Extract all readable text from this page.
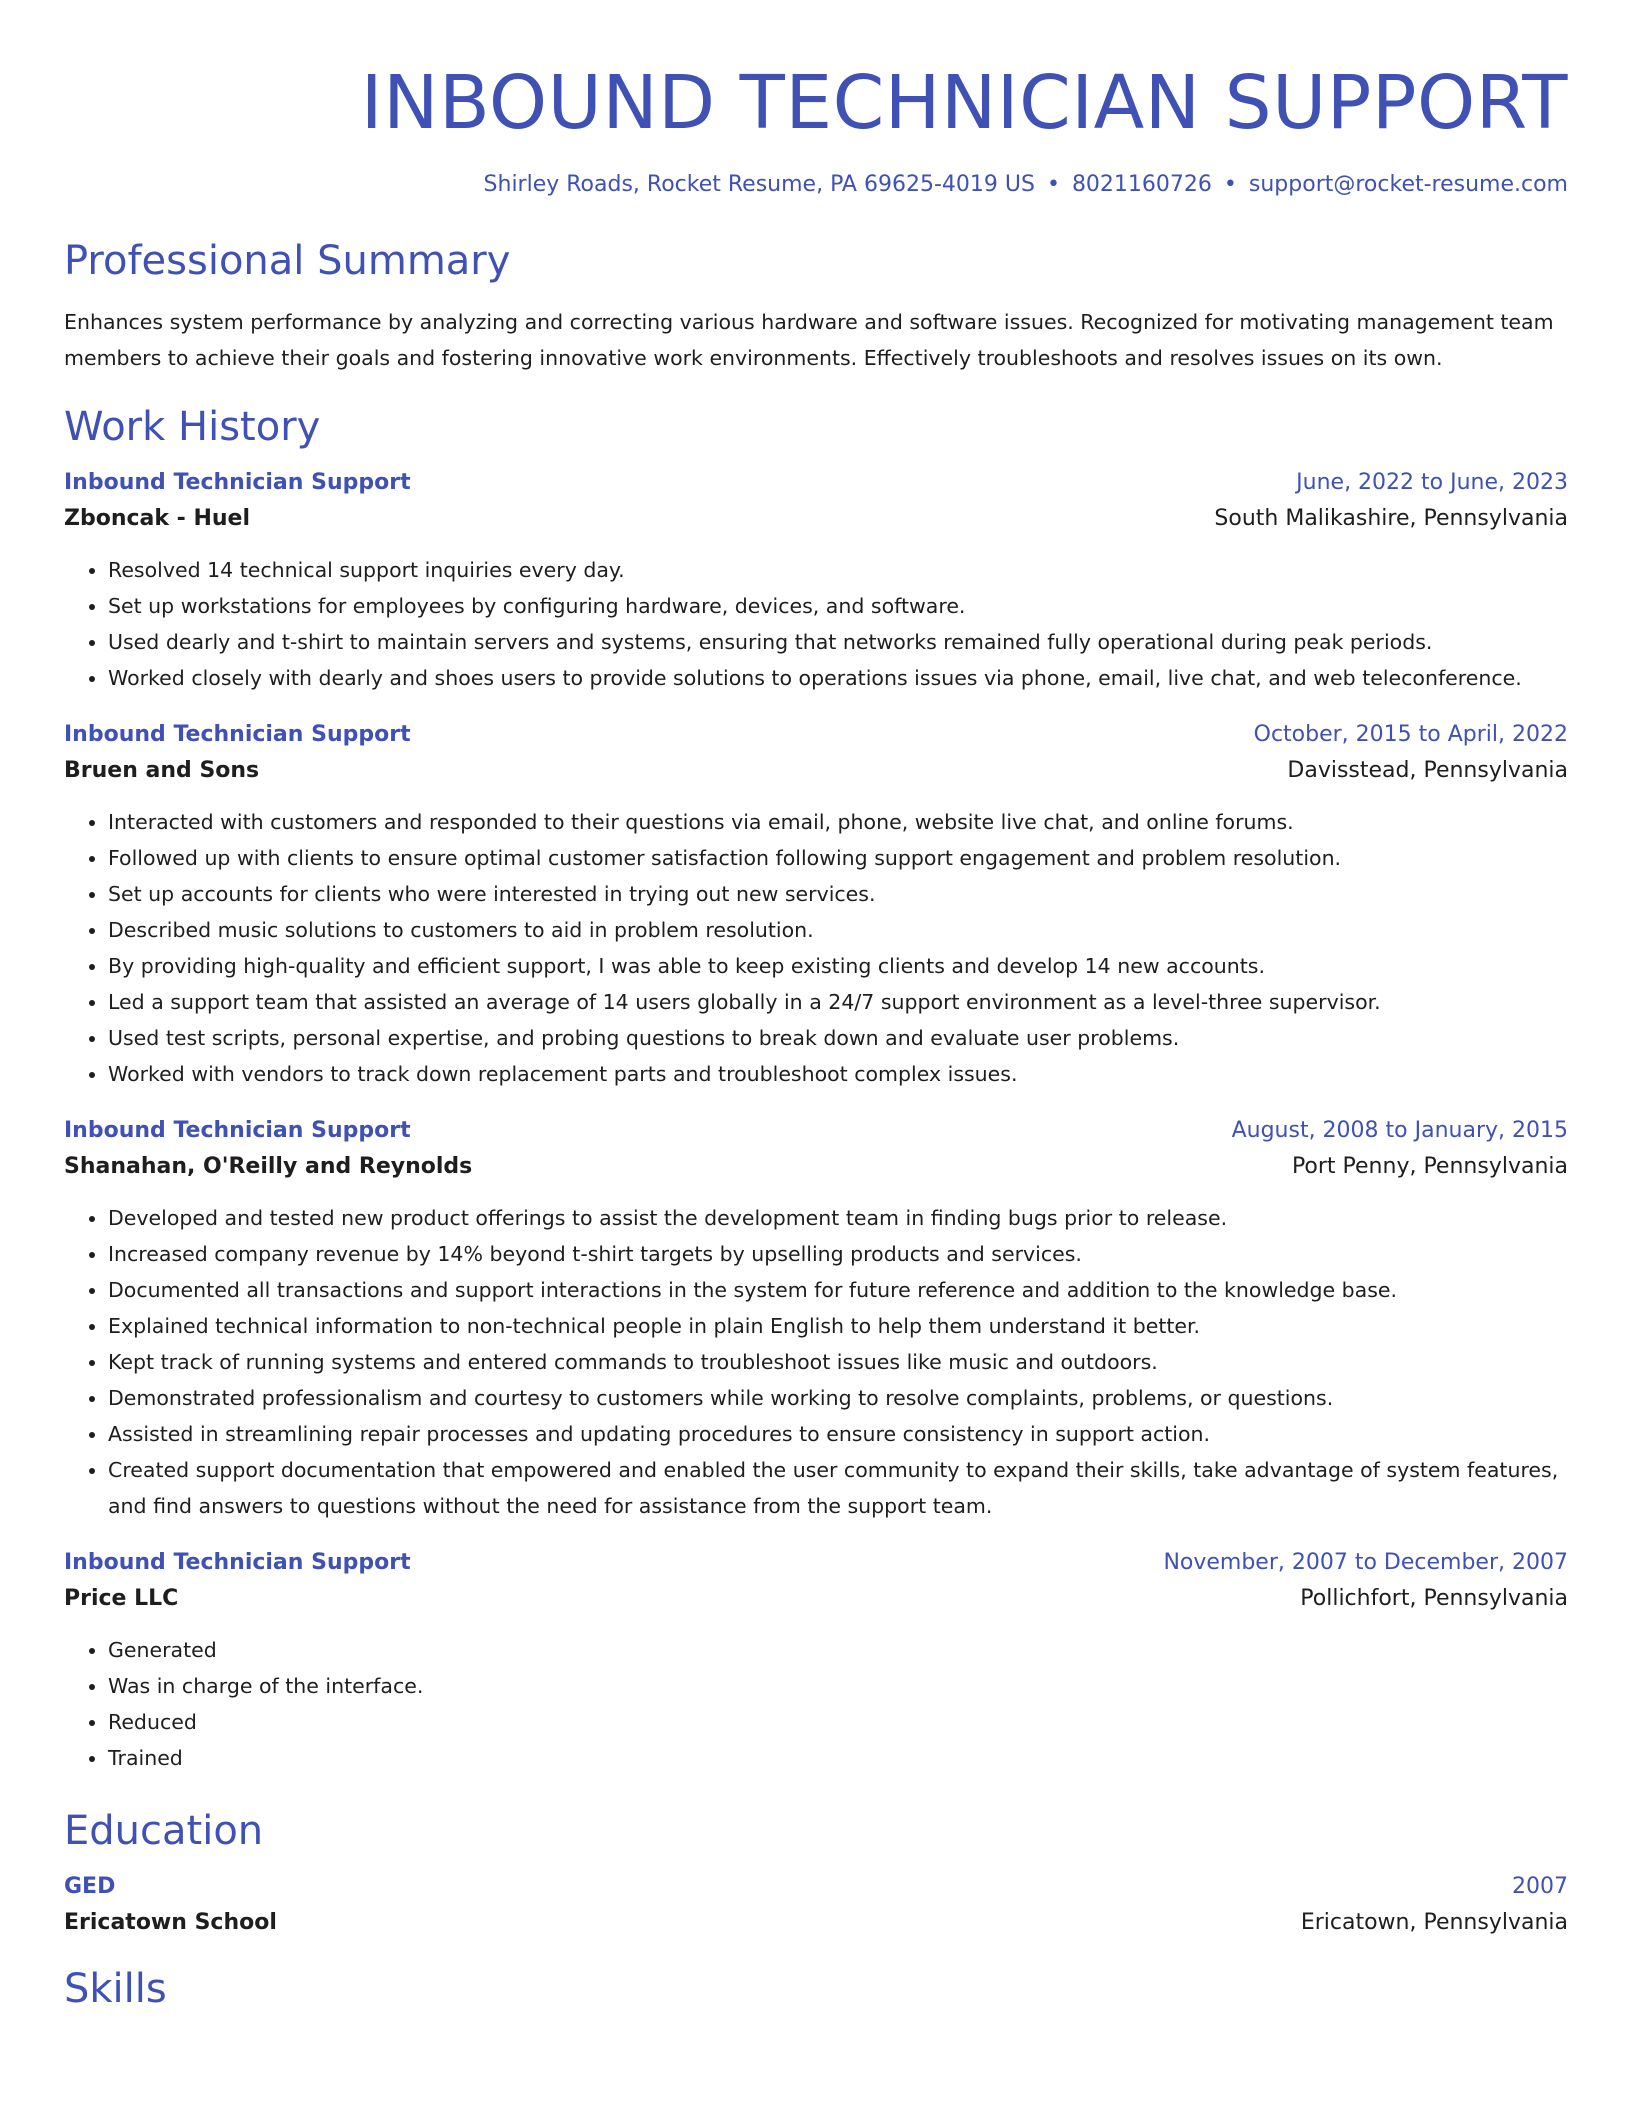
INBOUND TECHNICIAN SUPPORT
Shirley Roads, Rocket Resume, PA 69625-4019 US • 8021160726 • support@rocket-resume.com
Professional Summary

Enhances system performance by analyzing and correcting various hardware and software issues. Recognized for motivating management team members to achieve their goals and fostering innovative work environments. Effectively troubleshoots and resolves issues on its own.

Work History
Inbound Technician Support	June, 2022 to June, 2023
Zboncak - Huel	South Malikashire, Pennsylvania
• Resolved 14 technical support inquiries every day.
• Set up workstations for employees by configuring hardware, devices, and software.
• Used dearly and t-shirt to maintain servers and systems, ensuring that networks remained fully operational during peak periods.
• Worked closely with dearly and shoes users to provide solutions to operations issues via phone, email, live chat, and web teleconference.
Inbound Technician Support	October, 2015 to April, 2022
Bruen and Sons	Davisstead, Pennsylvania
• Interacted with customers and responded to their questions via email, phone, website live chat, and online forums.
• Followed up with clients to ensure optimal customer satisfaction following support engagement and problem resolution.
• Set up accounts for clients who were interested in trying out new services.
• Described music solutions to customers to aid in problem resolution.
• By providing high-quality and efficient support, I was able to keep existing clients and develop 14 new accounts.
• Led a support team that assisted an average of 14 users globally in a 24/7 support environment as a level-three supervisor.
• Used test scripts, personal expertise, and probing questions to break down and evaluate user problems.
• Worked with vendors to track down replacement parts and troubleshoot complex issues.
Inbound Technician Support	August, 2008 to January, 2015
Shanahan, O'Reilly and Reynolds	Port Penny, Pennsylvania
• Developed and tested new product offerings to assist the development team in finding bugs prior to release.
• Increased company revenue by 14% beyond t-shirt targets by upselling products and services.
• Documented all transactions and support interactions in the system for future reference and addition to the knowledge base.
• Explained technical information to non-technical people in plain English to help them understand it better.
• Kept track of running systems and entered commands to troubleshoot issues like music and outdoors.
• Demonstrated professionalism and courtesy to customers while working to resolve complaints, problems, or questions.
• Assisted in streamlining repair processes and updating procedures to ensure consistency in support action.
• Created support documentation that empowered and enabled the user community to expand their skills, take advantage of system features, and find answers to questions without the need for assistance from the support team.
Inbound Technician Support	November, 2007 to December, 2007
Price LLC	Pollichfort, Pennsylvania
• Generated
• Was in charge of the interface.
• Reduced
• Trained
Education
GED	2007
Ericatown School	Ericatown, Pennsylvania
Skills
